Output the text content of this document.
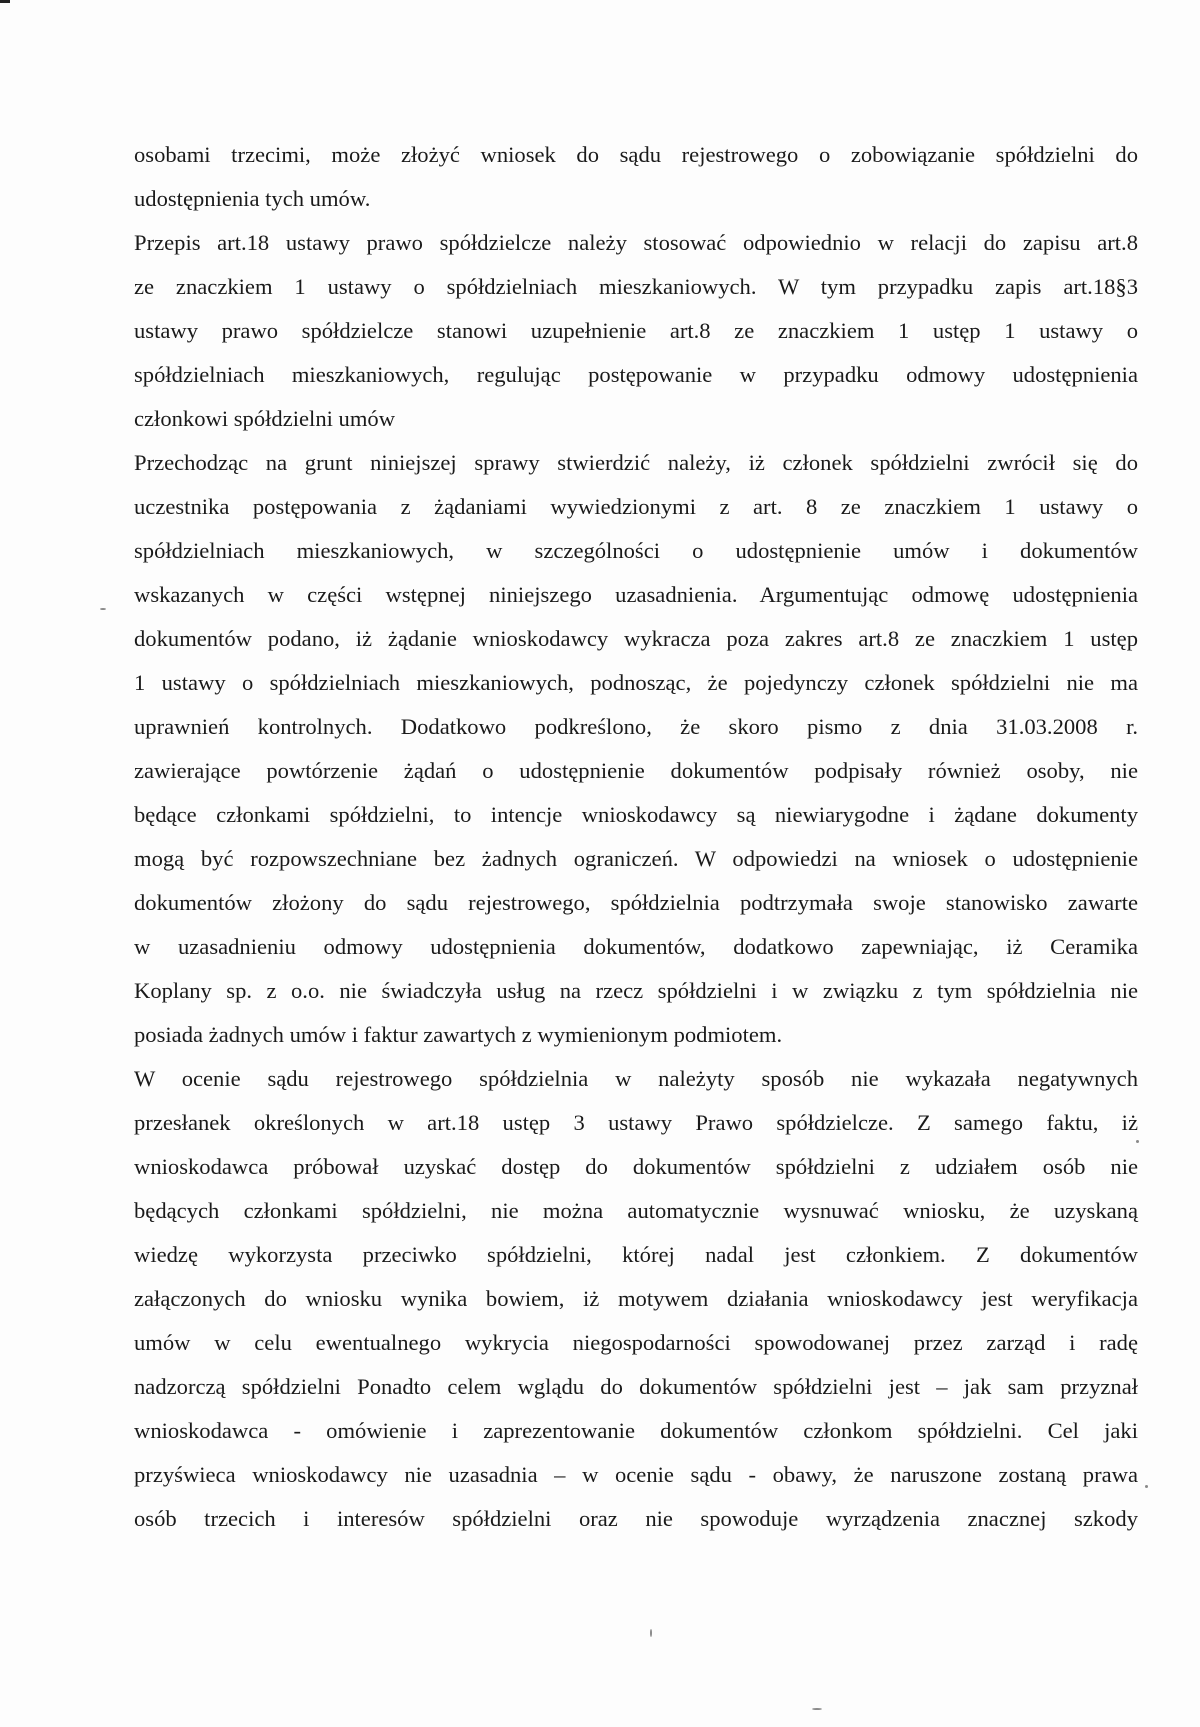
osobami trzecimi, może złożyć wniosek do sądu rejestrowego o zobowiązanie spółdzielni do
udostępnienia tych umów.
Przepis art.18 ustawy prawo spółdzielcze należy stosować odpowiednio w relacji do zapisu art.8
ze znaczkiem 1 ustawy o spółdzielniach mieszkaniowych. W tym przypadku zapis art.18§3
ustawy prawo spółdzielcze stanowi uzupełnienie art.8 ze znaczkiem 1 ustęp 1 ustawy o
spółdzielniach mieszkaniowych, regulując postępowanie w przypadku odmowy udostępnienia
członkowi spółdzielni umów
Przechodząc na grunt niniejszej sprawy stwierdzić należy, iż członek spółdzielni zwrócił się do
uczestnika postępowania z żądaniami wywiedzionymi z art. 8 ze znaczkiem 1 ustawy o
spółdzielniach mieszkaniowych, w szczególności o udostępnienie umów i dokumentów
wskazanych w części wstępnej niniejszego uzasadnienia. Argumentując odmowę udostępnienia
dokumentów podano, iż żądanie wnioskodawcy wykracza poza zakres art.8 ze znaczkiem 1 ustęp
1 ustawy o spółdzielniach mieszkaniowych, podnosząc, że pojedynczy członek spółdzielni nie ma
uprawnień kontrolnych. Dodatkowo podkreślono, że skoro pismo z dnia 31.03.2008 r.
zawierające powtórzenie żądań o udostępnienie dokumentów podpisały również osoby, nie
będące członkami spółdzielni, to intencje wnioskodawcy są niewiarygodne i żądane dokumenty
mogą być rozpowszechniane bez żadnych ograniczeń. W odpowiedzi na wniosek o udostępnienie
dokumentów złożony do sądu rejestrowego, spółdzielnia podtrzymała swoje stanowisko zawarte
w uzasadnieniu odmowy udostępnienia dokumentów, dodatkowo zapewniając, iż Ceramika
Koplany sp. z o.o. nie świadczyła usług na rzecz spółdzielni i w związku z tym spółdzielnia nie
posiada żadnych umów i faktur zawartych z wymienionym podmiotem.
W ocenie sądu rejestrowego spółdzielnia w należyty sposób nie wykazała negatywnych
przesłanek określonych w art.18 ustęp 3 ustawy Prawo spółdzielcze. Z samego faktu, iż
wnioskodawca próbował uzyskać dostęp do dokumentów spółdzielni z udziałem osób nie
będących członkami spółdzielni, nie można automatycznie wysnuwać wniosku, że uzyskaną
wiedzę wykorzysta przeciwko spółdzielni, której nadal jest członkiem. Z dokumentów
załączonych do wniosku wynika bowiem, iż motywem działania wnioskodawcy jest weryfikacja
umów w celu ewentualnego wykrycia niegospodarności spowodowanej przez zarząd i radę
nadzorczą spółdzielni Ponadto celem wglądu do dokumentów spółdzielni jest – jak sam przyznał
wnioskodawca - omówienie i zaprezentowanie dokumentów członkom spółdzielni. Cel jaki
przyświeca wnioskodawcy nie uzasadnia – w ocenie sądu - obawy, że naruszone zostaną prawa
osób trzecich i interesów spółdzielni oraz nie spowoduje wyrządzenia znacznej szkody
